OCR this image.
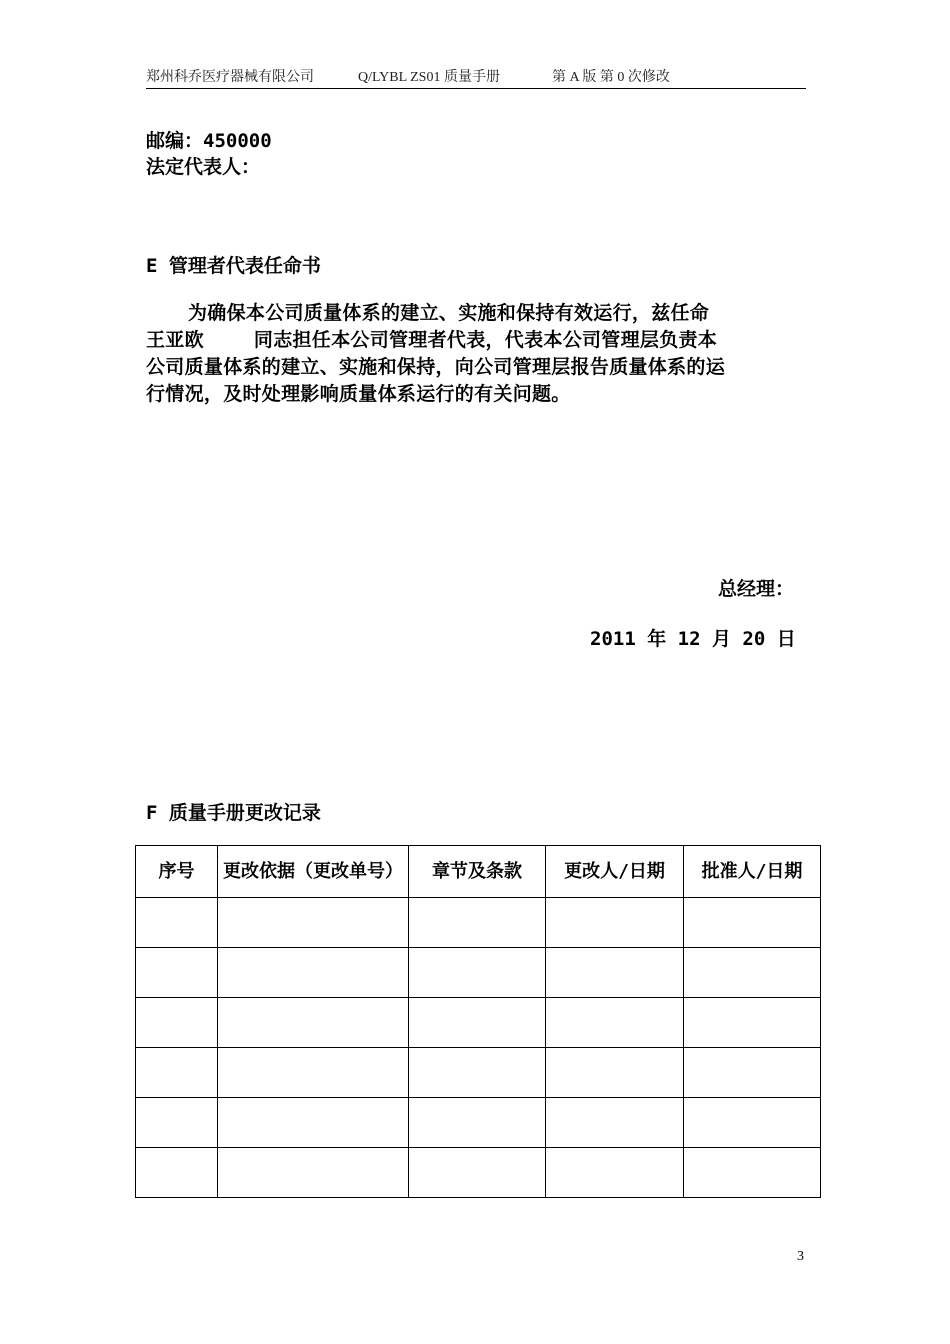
郑州科乔医疗器械有限公司	Q/LYBL ZS01 质量手册	第 A 版 第 0 次修改
邮编：450000
法定代表人：
E 管理者代表任命书

为确保本公司质量体系的建立、实施和保持有效运行，兹任命

王亚欧	同志担任本公司管理者代表，代表本公司管理层负责本

公司质量体系的建立、实施和保持，向公司管理层报告质量体系的运

行情况，及时处理影响质量体系运行的有关问题。

总经理：
2011 年 12 月 20 日
F 质量手册更改记录
序号	更改依据（更改单号）	章节及条款	更改人/日期	批准人/日期

3
